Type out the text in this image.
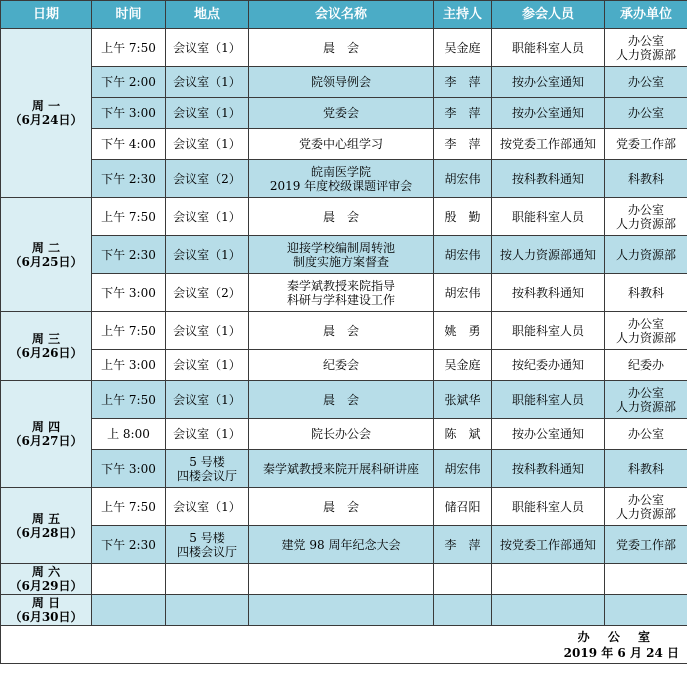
日期	时间	地点	会议名称	主持人	参会人员	承办单位

周 一
（6月24日）	上午 7:50	会议室（1）	晨　会	吴金庭	职能科室人员	办公室
人力资源部

	下午 2:00	会议室（1）	院领导例会	李　萍	按办公室通知	办公室

	下午 3:00	会议室（1）	党委会	李　萍	按办公室通知	办公室

	下午 4:00	会议室（1）	党委中心组学习	李　萍	按党委工作部通知	党委工作部

	下午 2:30	会议室（2）	皖南医学院
2019 年度校级课题评审会	胡宏伟	按科教科通知	科教科

周 二
（6月25日）	上午 7:50	会议室（1）	晨　会	殷　勤	职能科室人员	办公室
人力资源部

	下午 2:30	会议室（1）	迎接学校编制周转池
制度实施方案督查	胡宏伟	按人力资源部通知	人力资源部

	下午 3:00	会议室（2）	秦学斌教授来院指导
科研与学科建设工作	胡宏伟	按科教科通知	科教科

周 三
（6月26日）	上午 7:50	会议室（1）	晨　会	姚　勇	职能科室人员	办公室
人力资源部

	上午 3:00	会议室（1）	纪委会	吴金庭	按纪委办通知	纪委办

周 四
（6月27日）	上午 7:50	会议室（1）	晨　会	张斌华	职能科室人员	办公室
人力资源部

	上 8:00	会议室（1）	院长办公会	陈　斌	按办公室通知	办公室

	下午 3:00	5 号楼
四楼会议厅	秦学斌教授来院开展科研讲座	胡宏伟	按科教科通知	科教科

周 五
（6月28日）	上午 7:50	会议室（1）	晨　会	储召阳	职能科室人员	办公室
人力资源部

	下午 2:30	5 号楼
四楼会议厅	建党 98 周年纪念大会	李　萍	按党委工作部通知	党委工作部

周 六
（6月29日）						

周 日
（6月30日）						

办 公 室
2019 年 6 月 24 日						
